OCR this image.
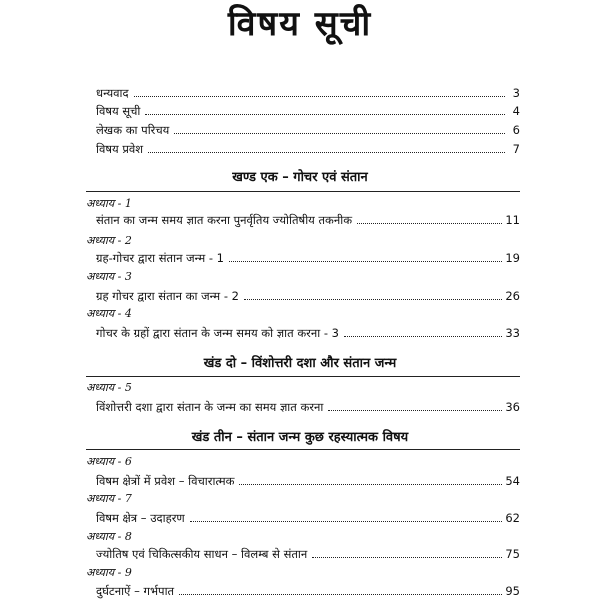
विषय सूची
धन्यवाद	3
विषय सूची	4
लेखक का परिचय	6
विषय प्रवेश	7
खण्ड एक – गोचर एवं संतान
अध्याय - 1
संतान का जन्म समय ज्ञात करना पुनर्वृतिय ज्योतिषीय तकनीक	11
अध्याय - 2
ग्रह-गोचर द्वारा संतान जन्म - 1	19
अध्याय - 3
ग्रह गोचर द्वारा संतान का जन्म - 2	26
अध्याय - 4
गोचर के ग्रहों द्वारा संतान के जन्म समय को ज्ञात करना - 3	33
खंड दो – विंशोत्तरी दशा और संतान जन्म
अध्याय - 5
विंशोत्तरी दशा द्वारा संतान के जन्म का समय ज्ञात करना	36
खंड तीन – संतान जन्म कुछ रहस्यात्मक विषय
अध्याय - 6
विषम क्षेत्रों में प्रवेश – विचारात्मक	54
अध्याय - 7
विषम क्षेत्र – उदाहरण	62
अध्याय - 8
ज्योतिष एवं चिकित्सकीय साधन – विलम्ब से संतान	75
अध्याय - 9
दुर्घटनाऐं – गर्भपात	95
